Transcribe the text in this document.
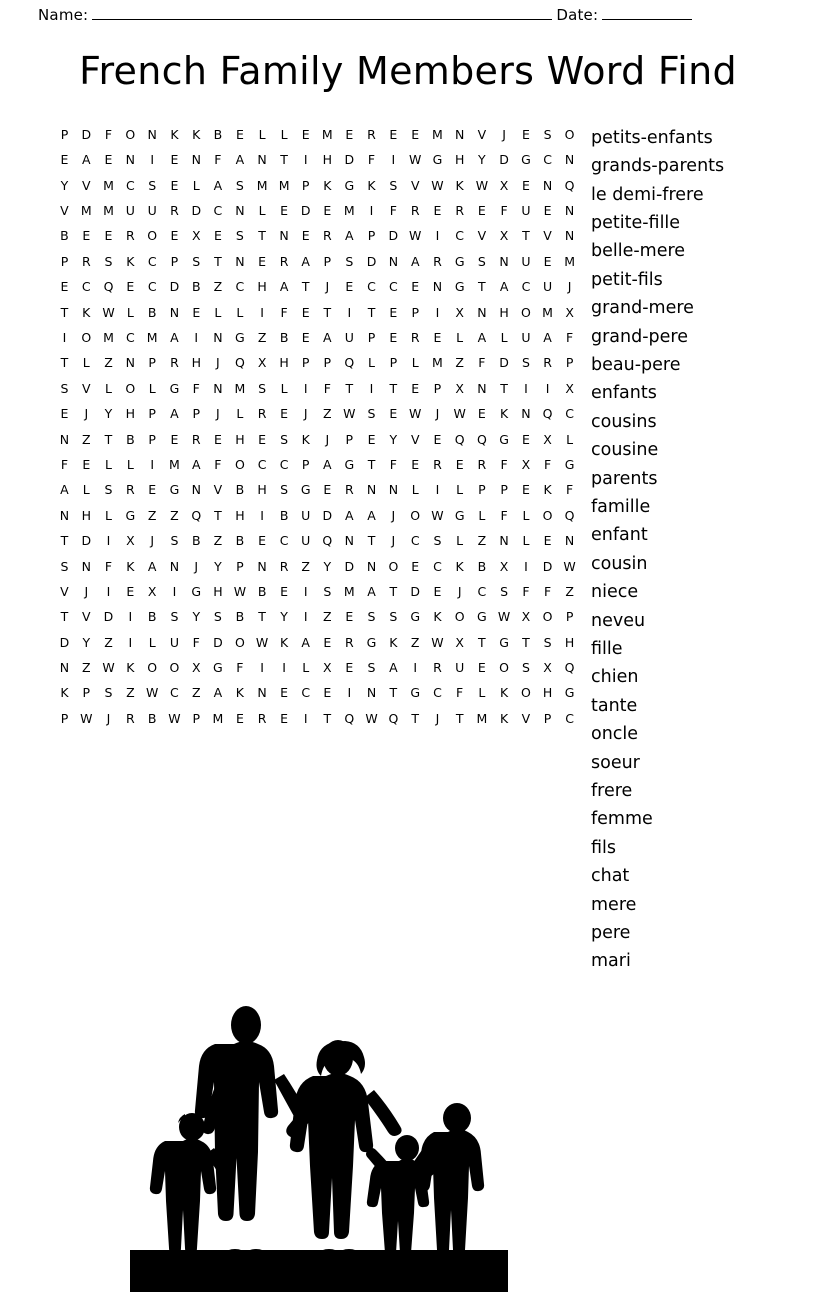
Name:	Date:
French Family Members Word Find
P	D	F	O	N	K	K	B	E	L	L	E	M	E	R	E	E	M	N	V	J	E	S	O
E	A	E	N	I	E	N	F	A	N	T	I	H	D	F	I	W	G	H	Y	D	G	C	N
Y	V	M	C	S	E	L	A	S	M	M	P	K	G	K	S	V	W	K	W	X	E	N	Q
V	M	M	U	U	R	D	C	N	L	E	D	E	M	I	F	R	E	R	E	F	U	E	N
B	E	E	R	O	E	X	E	S	T	N	E	R	A	P	D	W	I	C	V	X	T	V	N
P	R	S	K	C	P	S	T	N	E	R	A	P	S	D	N	A	R	G	S	N	U	E	M
E	C	Q	E	C	D	B	Z	C	H	A	T	J	E	C	C	E	N	G	T	A	C	U	J
T	K	W	L	B	N	E	L	L	I	F	E	T	I	T	E	P	I	X	N	H	O	M	X
I	O	M	C	M	A	I	N	G	Z	B	E	A	U	P	E	R	E	L	A	L	U	A	F
T	L	Z	N	P	R	H	J	Q	X	H	P	P	Q	L	P	L	M	Z	F	D	S	R	P
S	V	L	O	L	G	F	N	M	S	L	I	F	T	I	T	E	P	X	N	T	I	I	X
E	J	Y	H	P	A	P	J	L	R	E	J	Z	W	S	E	W	J	W	E	K	N	Q	C
N	Z	T	B	P	E	R	E	H	E	S	K	J	P	E	Y	V	E	Q	Q	G	E	X	L
F	E	L	L	I	M	A	F	O	C	C	P	A	G	T	F	E	R	E	R	F	X	F	G
A	L	S	R	E	G	N	V	B	H	S	G	E	R	N	N	L	I	L	P	P	E	K	F
N	H	L	G	Z	Z	Q	T	H	I	B	U	D	A	A	J	O	W	G	L	F	L	O	Q
T	D	I	X	J	S	B	Z	B	E	C	U	Q	N	T	J	C	S	L	Z	N	L	E	N
S	N	F	K	A	N	J	Y	P	N	R	Z	Y	D	N	O	E	C	K	B	X	I	D	W
V	J	I	E	X	I	G	H	W	B	E	I	S	M	A	T	D	E	J	C	S	F	F	Z
T	V	D	I	B	S	Y	S	B	T	Y	I	Z	E	S	S	G	K	O	G	W	X	O	P
D	Y	Z	I	L	U	F	D	O	W	K	A	E	R	G	K	Z	W	X	T	G	T	S	H
N	Z	W	K	O	O	X	G	F	I	I	L	X	E	S	A	I	R	U	E	O	S	X	Q
K	P	S	Z	W	C	Z	A	K	N	E	C	E	I	N	T	G	C	F	L	K	O	H	G
P	W	J	R	B	W	P	M	E	R	E	I	T	Q	W	Q	T	J	T	M	K	V	P	C
petits-enfants
grands-parents
le demi-frere
petite-fille
belle-mere
petit-fils
grand-mere
grand-pere
beau-pere
enfants
cousins
cousine
parents
famille
enfant
cousin
niece
neveu
fille
chien
tante
oncle
soeur
frere
femme
fils
chat
mere
pere
mari
